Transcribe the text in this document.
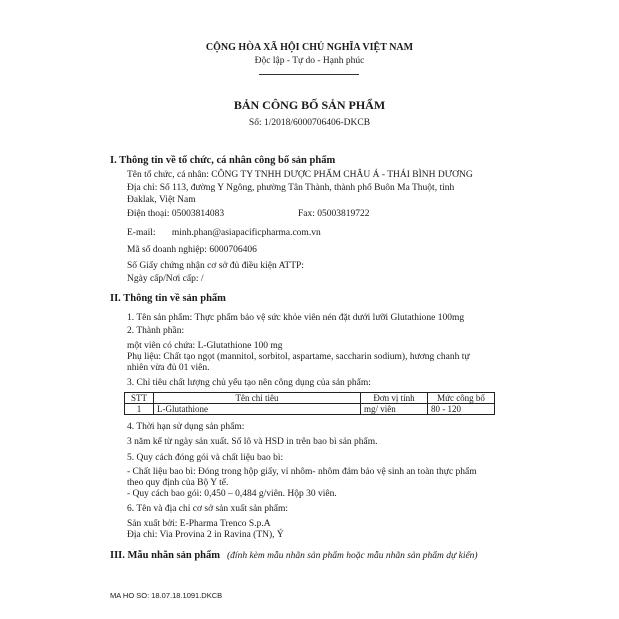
CỘNG HÒA XÃ HỘI CHỦ NGHĨA VIỆT NAM
Độc lập - Tự do - Hạnh phúc
BẢN CÔNG BỐ SẢN PHẨM
Số: 1/2018/6000706406-DKCB
I. Thông tin về tổ chức, cá nhân công bố sản phẩm
Tên tổ chức, cá nhân: CÔNG TY TNHH DƯỢC PHẨM CHÂU Á - THÁI BÌNH DƯƠNG
Địa chỉ: Số 113, đường Y Ngông, phường Tân Thành, thành phố Buôn Ma Thuột, tỉnh
Đaklak, Việt Nam
Điện thoại: 05003814083	Fax: 05003819722
E-mail: minh.phan@asiapacificpharma.com.vn
Mã số doanh nghiệp: 6000706406
Số Giấy chứng nhận cơ sở đủ điều kiện ATTP:
Ngày cấp/Nơi cấp: /
II. Thông tin về sản phẩm
1. Tên sản phẩm: Thực phẩm bảo vệ sức khỏe viên nén đặt dưới lưỡi Glutathione 100mg
2. Thành phần:
một viên có chứa: L-Glutathione 100 mg
Phụ liệu: Chất tạo ngọt (mannitol, sorbitol, aspartame, saccharin sodium), hương chanh tự
nhiên vừa đủ 01 viên.
3. Chỉ tiêu chất lượng chủ yếu tạo nên công dụng của sản phẩm:
STT	Tên chỉ tiêu	Đơn vị tính	Mức công bố
1	L-Glutathione	mg/ viên	80 - 120
4. Thời hạn sử dụng sản phẩm:
3 năm kể từ ngày sản xuất. Số lô và HSD in trên bao bì sản phẩm.
5. Quy cách đóng gói và chất liệu bao bì:
- Chất liệu bao bì: Đóng trong hộp giấy, vỉ nhôm- nhôm đảm bảo vệ sinh an toàn thực phẩm
theo quy định của Bộ Y tế.
- Quy cách bao gói: 0,450 – 0,484 g/viên. Hộp 30 viên.
6. Tên và địa chỉ cơ sở sản xuất sản phẩm:
Sản xuất bởi: E-Pharma Trenco S.p.A
Địa chỉ: Via Provina 2 in Ravina (TN), Ý
III. Mẫu nhãn sản phẩm (đính kèm mẫu nhãn sản phẩm hoặc mẫu nhãn sản phẩm dự kiến)
MA HO SO: 18.07.18.1091.DKCB
